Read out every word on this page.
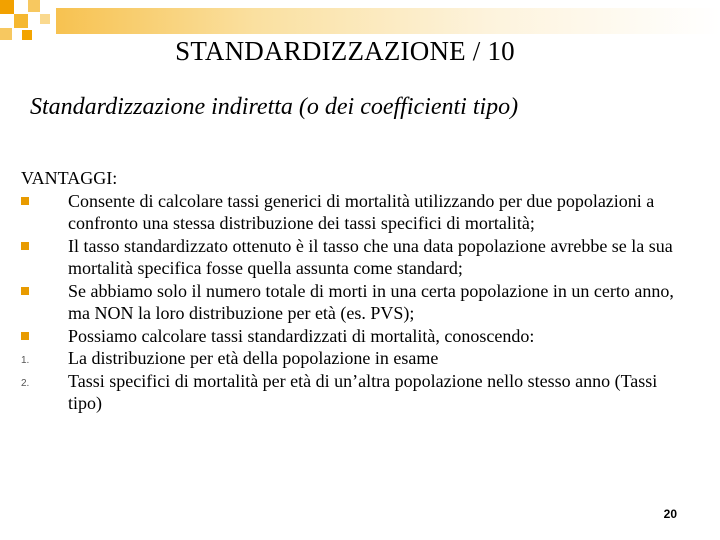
STANDARDIZZAZIONE / 10
Standardizzazione indiretta (o dei coefficienti tipo)

VANTAGGI:

Consente di calcolare tassi generici di mortalità utilizzando per due popolazioni a confronto una stessa distribuzione dei tassi specifici di mortalità;
Il tasso standardizzato ottenuto è il tasso che una data popolazione avrebbe se la sua mortalità specifica fosse quella assunta come standard;
Se abbiamo solo il numero totale di morti in una certa popolazione in un certo anno, ma NON la loro distribuzione per età (es. PVS);
Possiamo calcolare tassi standardizzati di mortalità, conoscendo:
1. La distribuzione per età della popolazione in esame
2. Tassi specifici di mortalità per età di un’altra popolazione nello stesso anno (Tassi tipo)
20
